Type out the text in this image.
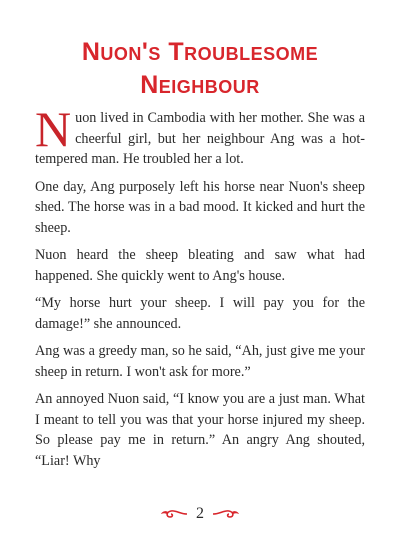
Nuon's Troublesome
Neighbour

Nuon lived in Cambodia with her mother. She was a cheerful girl, but her neighbour Ang was a hot-tempered man. He troubled her a lot.

One day, Ang purposely left his horse near Nuon's sheep shed. The horse was in a bad mood. It kicked and hurt the sheep.

Nuon heard the sheep bleating and saw what had happened. She quickly went to Ang's house.

“My horse hurt your sheep. I will pay you for the damage!” she announced.

Ang was a greedy man, so he said, “Ah, just give me your sheep in return. I won't ask for more.”

An annoyed Nuon said, “I know you are a just man. What I meant to tell you was that your horse injured my sheep. So please pay me in return.” An angry Ang shouted, “Liar! Why

2
